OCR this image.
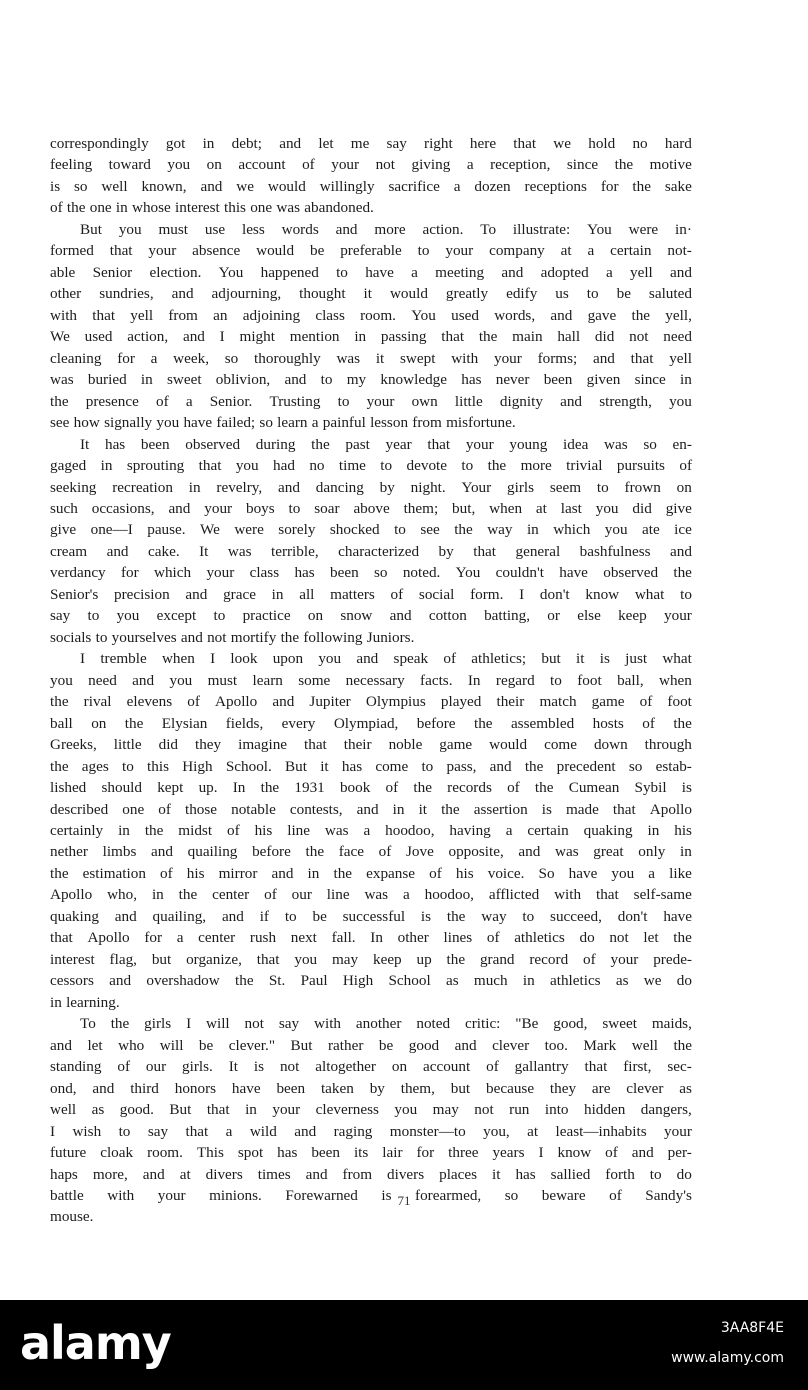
correspondingly got in debt; and let me say right here that we hold no hard
feeling toward you on account of your not giving a reception, since the motive
is so well known, and we would willingly sacrifice a dozen receptions for the sake
of the one in whose interest this one was abandoned.
But you must use less words and more action. To illustrate: You were in·
formed that your absence would be preferable to your company at a certain not-
able Senior election. You happened to have a meeting and adopted a yell and
other sundries, and adjourning, thought it would greatly edify us to be saluted
with that yell from an adjoining class room. You used words, and gave the yell,
We used action, and I might mention in passing that the main hall did not need
cleaning for a week, so thoroughly was it swept with your forms; and that yell
was buried in sweet oblivion, and to my knowledge has never been given since in
the presence of a Senior. Trusting to your own little dignity and strength, you
see how signally you have failed; so learn a painful lesson from misfortune.
It has been observed during the past year that your young idea was so en-
gaged in sprouting that you had no time to devote to the more trivial pursuits of
seeking recreation in revelry, and dancing by night. Your girls seem to frown on
such occasions, and your boys to soar above them; but, when at last you did give
give one—I pause. We were sorely shocked to see the way in which you ate ice
cream and cake. It was terrible, characterized by that general bashfulness and
verdancy for which your class has been so noted. You couldn't have observed the
Senior's precision and grace in all matters of social form. I don't know what to
say to you except to practice on snow and cotton batting, or else keep your
socials to yourselves and not mortify the following Juniors.
I tremble when I look upon you and speak of athletics; but it is just what
you need and you must learn some necessary facts. In regard to foot ball, when
the rival elevens of Apollo and Jupiter Olympius played their match game of foot
ball on the Elysian fields, every Olympiad, before the assembled hosts of the
Greeks, little did they imagine that their noble game would come down through
the ages to this High School. But it has come to pass, and the precedent so estab-
lished should kept up. In the 1931 book of the records of the Cumean Sybil is
described one of those notable contests, and in it the assertion is made that Apollo
certainly in the midst of his line was a hoodoo, having a certain quaking in his
nether limbs and quailing before the face of Jove opposite, and was great only in
the estimation of his mirror and in the expanse of his voice. So have you a like
Apollo who, in the center of our line was a hoodoo, afflicted with that self-same
quaking and quailing, and if to be successful is the way to succeed, don't have
that Apollo for a center rush next fall. In other lines of athletics do not let the
interest flag, but organize, that you may keep up the grand record of your prede-
cessors and overshadow the St. Paul High School as much in athletics as we do
in learning.
To the girls I will not say with another noted critic: "Be good, sweet maids,
and let who will be clever." But rather be good and clever too. Mark well the
standing of our girls. It is not altogether on account of gallantry that first, sec-
ond, and third honors have been taken by them, but because they are clever as
well as good. But that in your cleverness you may not run into hidden dangers,
I wish to say that a wild and raging monster—to you, at least—inhabits your
future cloak room. This spot has been its lair for three years I know of and per-
haps more, and at divers times and from divers places it has sallied forth to do
battle with your minions. Forewarned is forearmed, so beware of Sandy's
mouse.
71
alamy	3AA8F4E
www.alamy.com
